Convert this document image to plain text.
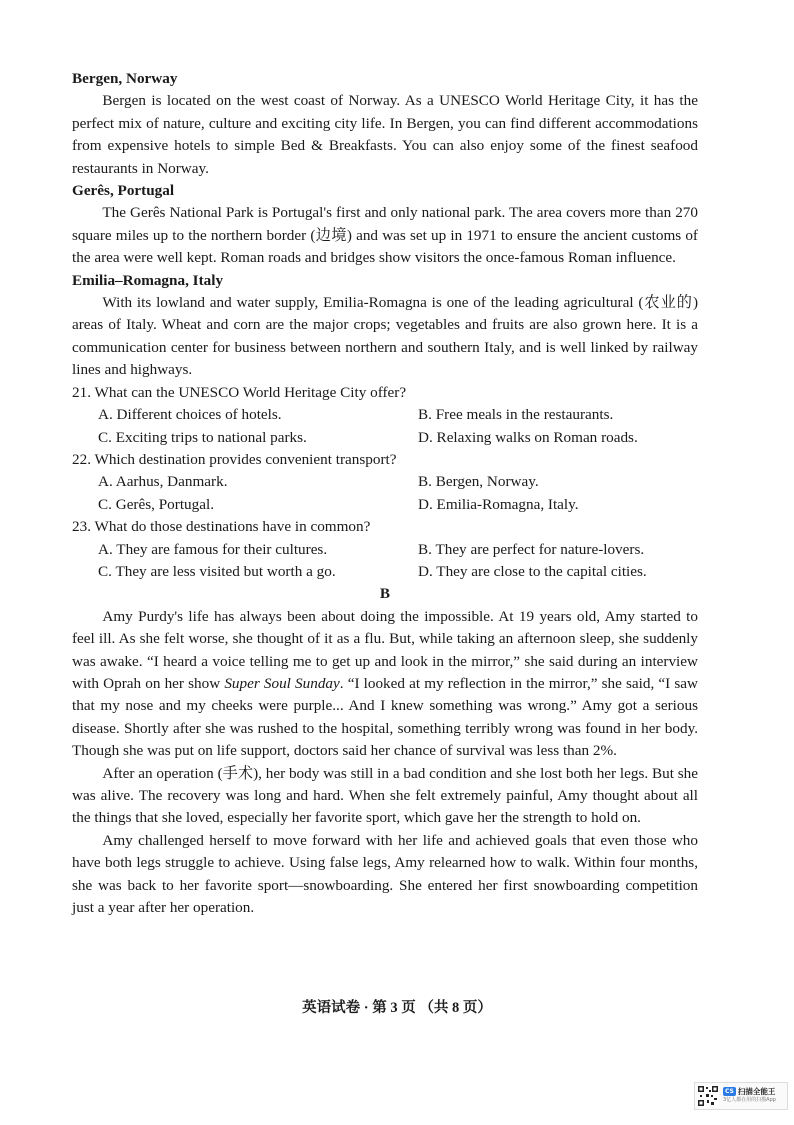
Bergen, Norway

Bergen is located on the west coast of Norway. As a UNESCO World Heritage City, it has the perfect mix of nature, culture and exciting city life. In Bergen, you can find different accommodations from expensive hotels to simple Bed & Breakfasts. You can also enjoy some of the finest seafood restaurants in Norway.

Gerês, Portugal

The Gerês National Park is Portugal's first and only national park. The area covers more than 270 square miles up to the northern border (边境) and was set up in 1971 to ensure the ancient customs of the area were well kept. Roman roads and bridges show visitors the once-famous Roman influence.

Emilia–Romagna, Italy

With its lowland and water supply, Emilia-Romagna is one of the leading agricultural (农业的) areas of Italy. Wheat and corn are the major crops; vegetables and fruits are also grown here. It is a communication center for business between northern and southern Italy, and is well linked by railway lines and highways.

21. What can the UNESCO World Heritage City offer?

A. Different choices of hotels.	B. Free meals in the restaurants.

C. Exciting trips to national parks.	D. Relaxing walks on Roman roads.

22. Which destination provides convenient transport?

A. Aarhus, Danmark.	B. Bergen, Norway.

C. Gerês, Portugal.	D. Emilia-Romagna, Italy.

23. What do those destinations have in common?

A. They are famous for their cultures.	B. They are perfect for nature-lovers.

C. They are less visited but worth a go.	D. They are close to the capital cities.

B

Amy Purdy's life has always been about doing the impossible. At 19 years old, Amy started to feel ill. As she felt worse, she thought of it as a flu. But, while taking an afternoon sleep, she suddenly was awake. “I heard a voice telling me to get up and look in the mirror,” she said during an interview with Oprah on her show Super Soul Sunday. “I looked at my reflection in the mirror,” she said, “I saw that my nose and my cheeks were purple... And I knew something was wrong.” Amy got a serious disease. Shortly after she was rushed to the hospital, something terribly wrong was found in her body. Though she was put on life support, doctors said her chance of survival was less than 2%.

After an operation (手术), her body was still in a bad condition and she lost both her legs. But she was alive. The recovery was long and hard. When she felt extremely painful, Amy thought about all the things that she loved, especially her favorite sport, which gave her the strength to hold on.

Amy challenged herself to move forward with her life and achieved goals that even those who have both legs struggle to achieve. Using false legs, Amy relearned how to walk. Within four months, she was back to her favorite sport—snowboarding. She entered her first snowboarding competition just a year after her operation.

英语试卷 · 第 3 页 （共 8 页）
CS 扫描全能王
3亿人都在用的扫描App
